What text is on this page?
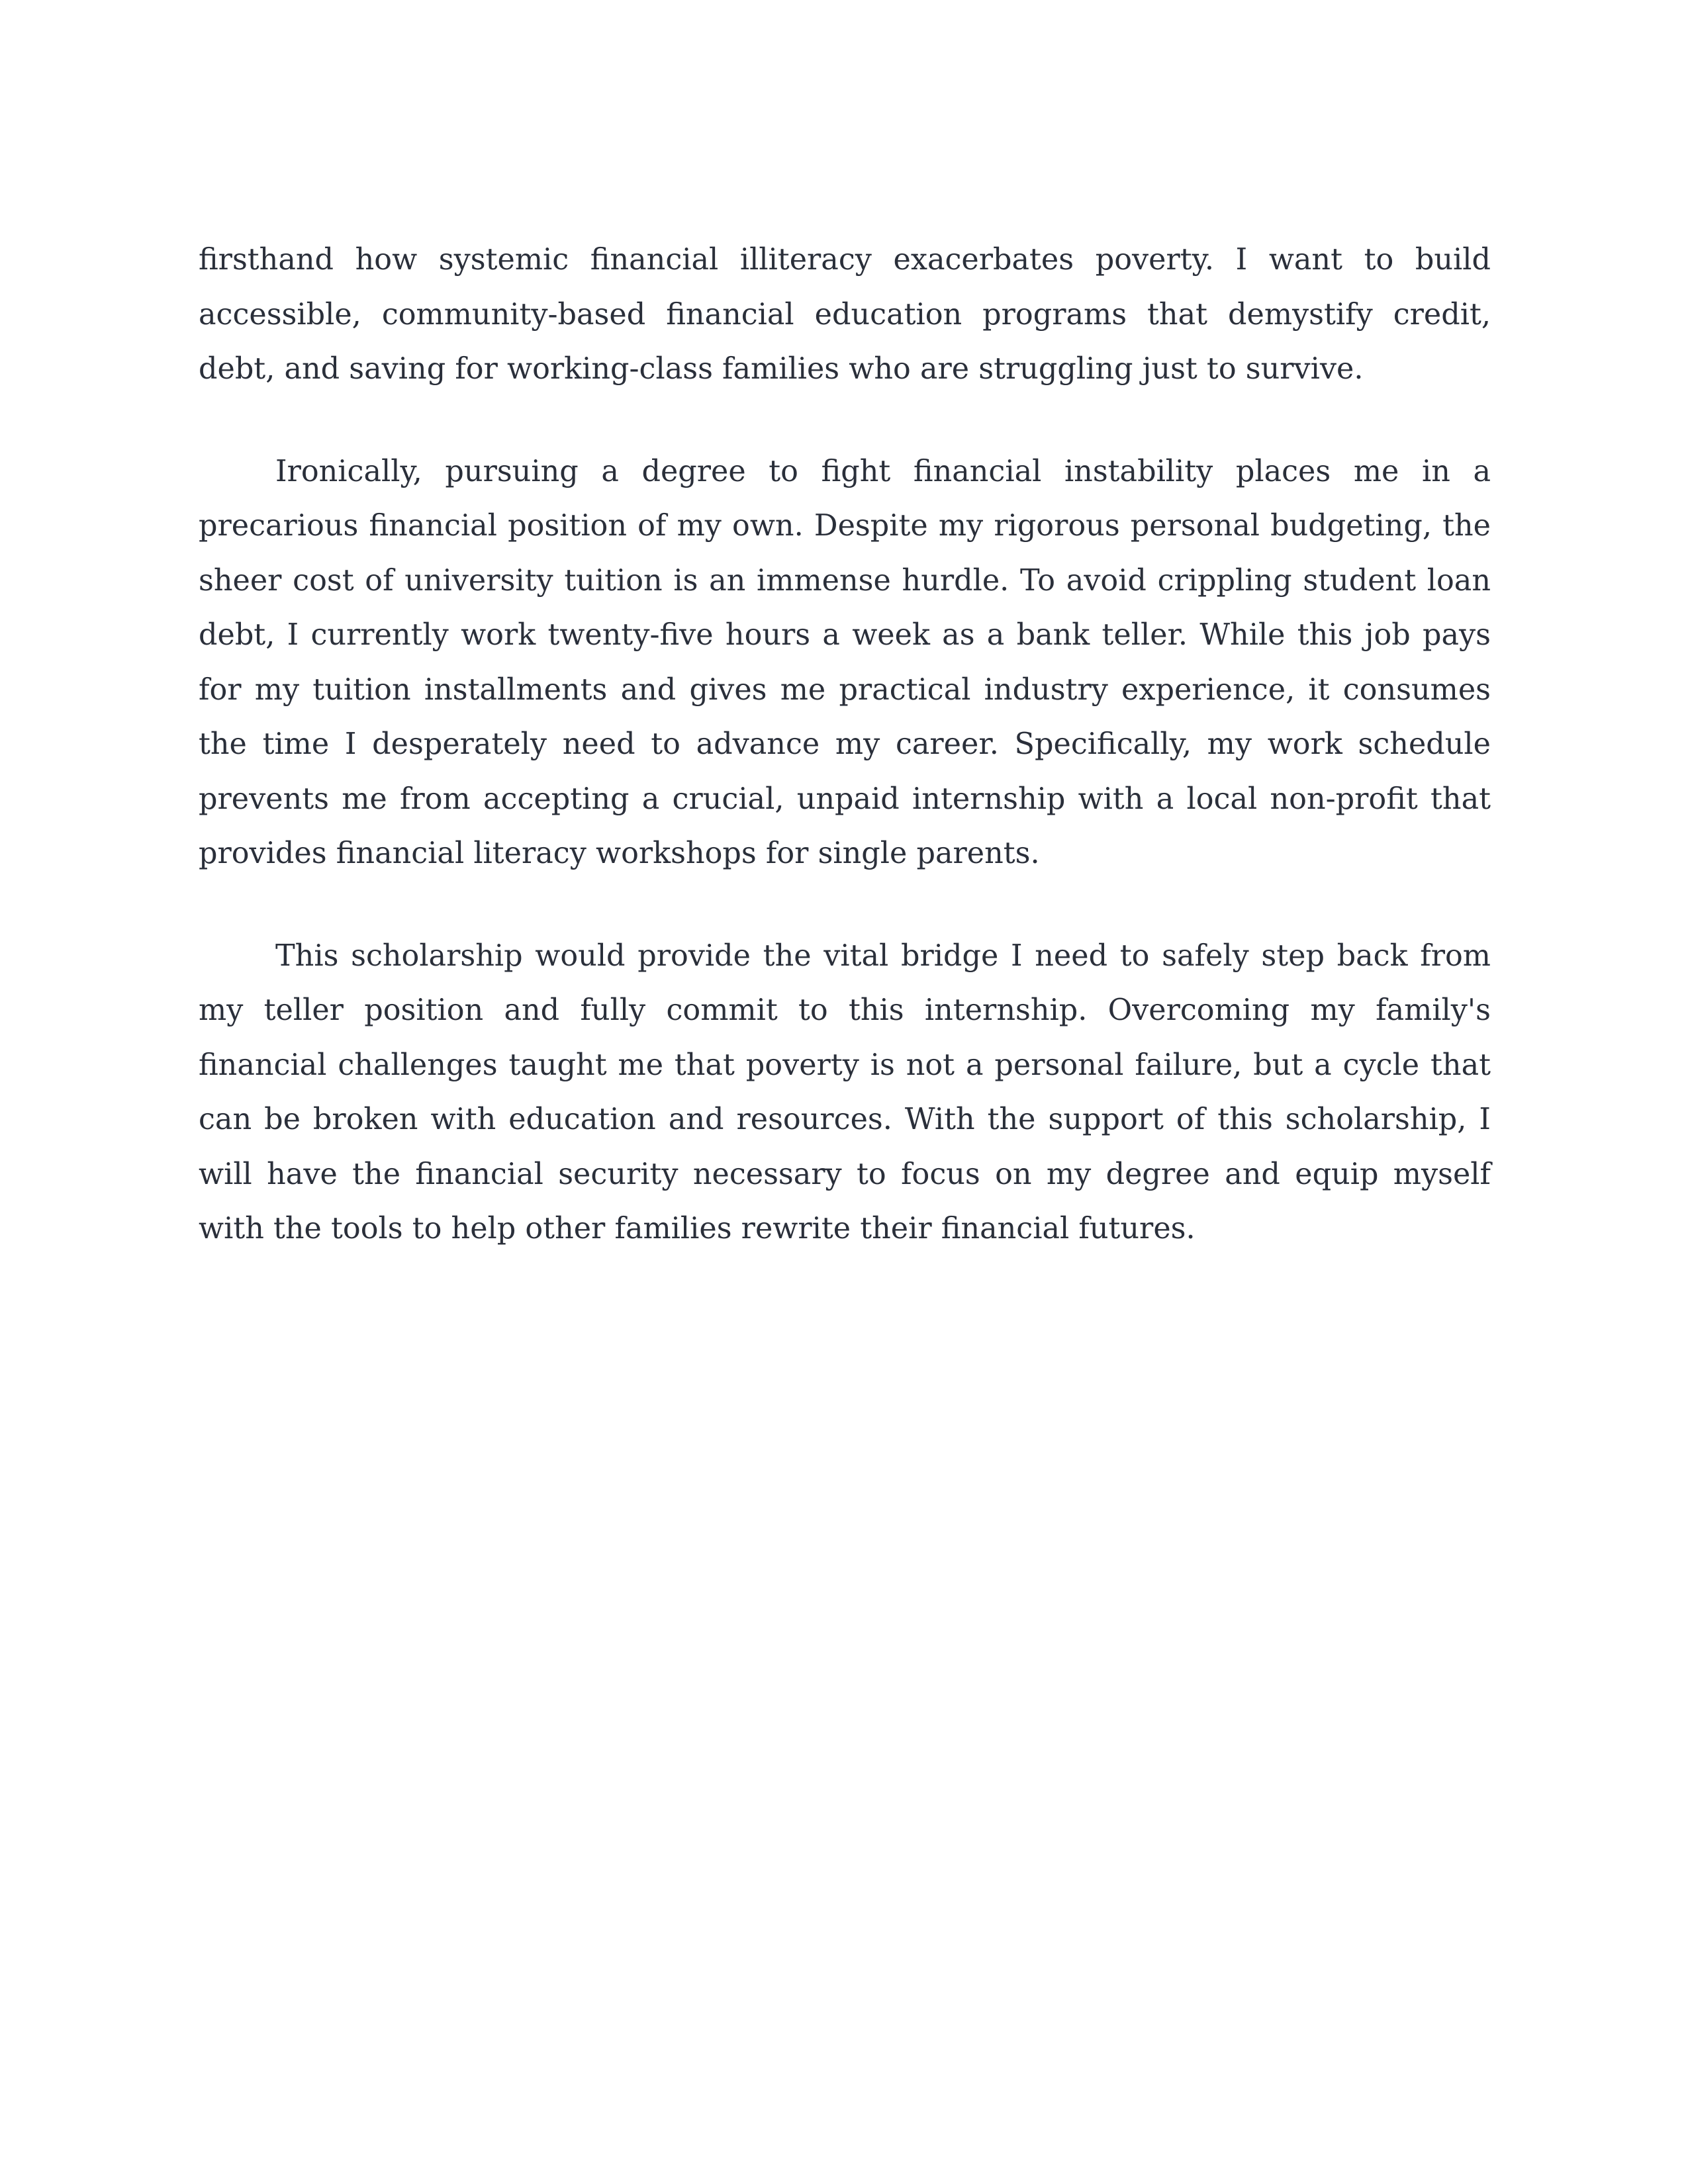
firsthand how systemic financial illiteracy exacerbates poverty. I want to build accessible, community-based financial education programs that demystify credit, debt, and saving for working-class families who are struggling just to survive.

Ironically, pursuing a degree to fight financial instability places me in a precarious financial position of my own. Despite my rigorous personal budgeting, the sheer cost of university tuition is an immense hurdle. To avoid crippling student loan debt, I currently work twenty-five hours a week as a bank teller. While this job pays for my tuition installments and gives me practical industry experience, it consumes the time I desperately need to advance my career. Specifically, my work schedule prevents me from accepting a crucial, unpaid internship with a local non-profit that provides financial literacy workshops for single parents.

This scholarship would provide the vital bridge I need to safely step back from my teller position and fully commit to this internship. Overcoming my family's financial challenges taught me that poverty is not a personal failure, but a cycle that can be broken with education and resources. With the support of this scholarship, I will have the financial security necessary to focus on my degree and equip myself with the tools to help other families rewrite their financial futures.
